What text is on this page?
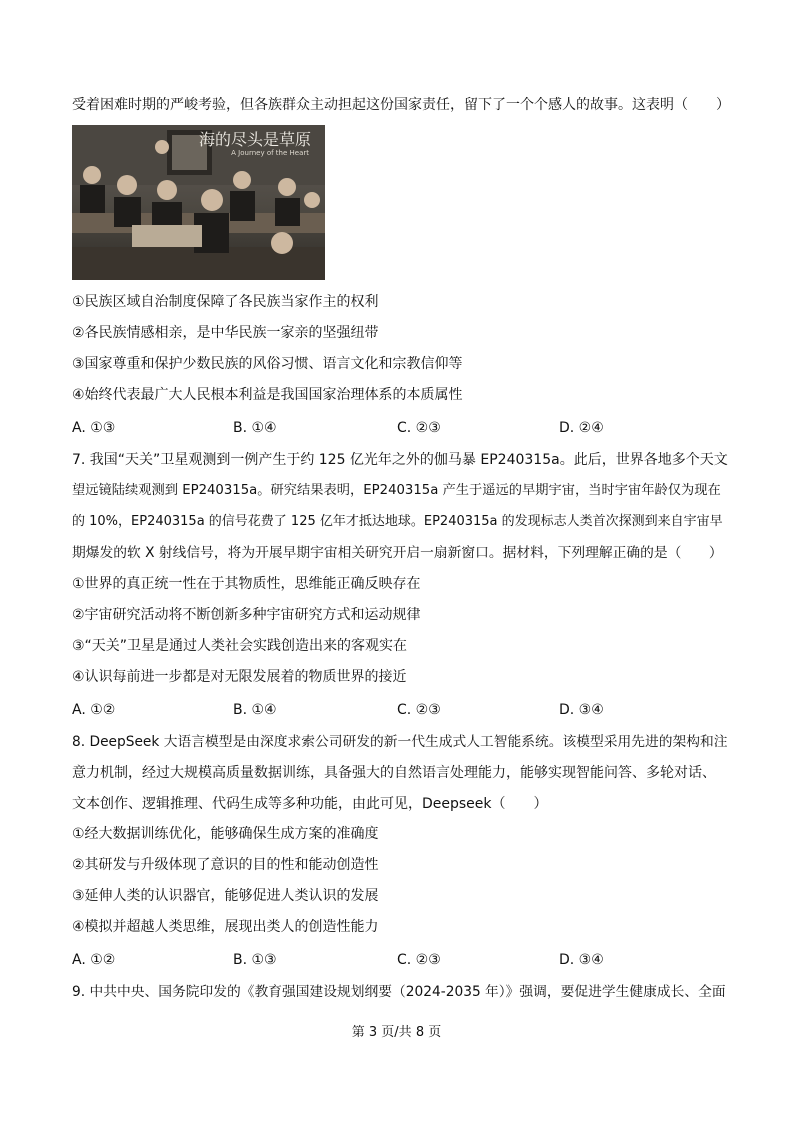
受着困难时期的严峻考验，但各族群众主动担起这份国家责任，留下了一个个感人的故事。这表明（　　）
海的尽头是草原
A Journey of the Heart
①民族区域自治制度保障了各民族当家作主的权利
②各民族情感相亲，是中华民族一家亲的坚强纽带
③国家尊重和保护少数民族的风俗习惯、语言文化和宗教信仰等
④始终代表最广大人民根本利益是我国国家治理体系的本质属性
A. ①③	B. ①④	C. ②③	D. ②④
7. 我国“天关”卫星观测到一例产生于约 125 亿光年之外的伽马暴 EP240315a。此后，世界各地多个天文
望远镜陆续观测到 EP240315a。研究结果表明，EP240315a 产生于遥远的早期宇宙，当时宇宙年龄仅为现在
的 10%，EP240315a 的信号花费了 125 亿年才抵达地球。EP240315a 的发现标志人类首次探测到来自宇宙早
期爆发的软 X 射线信号，将为开展早期宇宙相关研究开启一扇新窗口。据材料，下列理解正确的是（　　）
①世界的真正统一性在于其物质性，思维能正确反映存在
②宇宙研究活动将不断创新多种宇宙研究方式和运动规律
③“天关”卫星是通过人类社会实践创造出来的客观实在
④认识每前进一步都是对无限发展着的物质世界的接近
A. ①②	B. ①④	C. ②③	D. ③④
8. DeepSeek 大语言模型是由深度求索公司研发的新一代生成式人工智能系统。该模型采用先进的架构和注
意力机制，经过大规模高质量数据训练，具备强大的自然语言处理能力，能够实现智能问答、多轮对话、
文本创作、逻辑推理、代码生成等多种功能，由此可见，Deepseek（　　）
①经大数据训练优化，能够确保生成方案的准确度
②其研发与升级体现了意识的目的性和能动创造性
③延伸人类的认识器官，能够促进人类认识的发展
④模拟并超越人类思维，展现出类人的创造性能力
A. ①②	B. ①③	C. ②③	D. ③④
9. 中共中央、国务院印发的《教育强国建设规划纲要（2024-2035 年）》强调，要促进学生健康成长、全面
第 3 页/共 8 页
